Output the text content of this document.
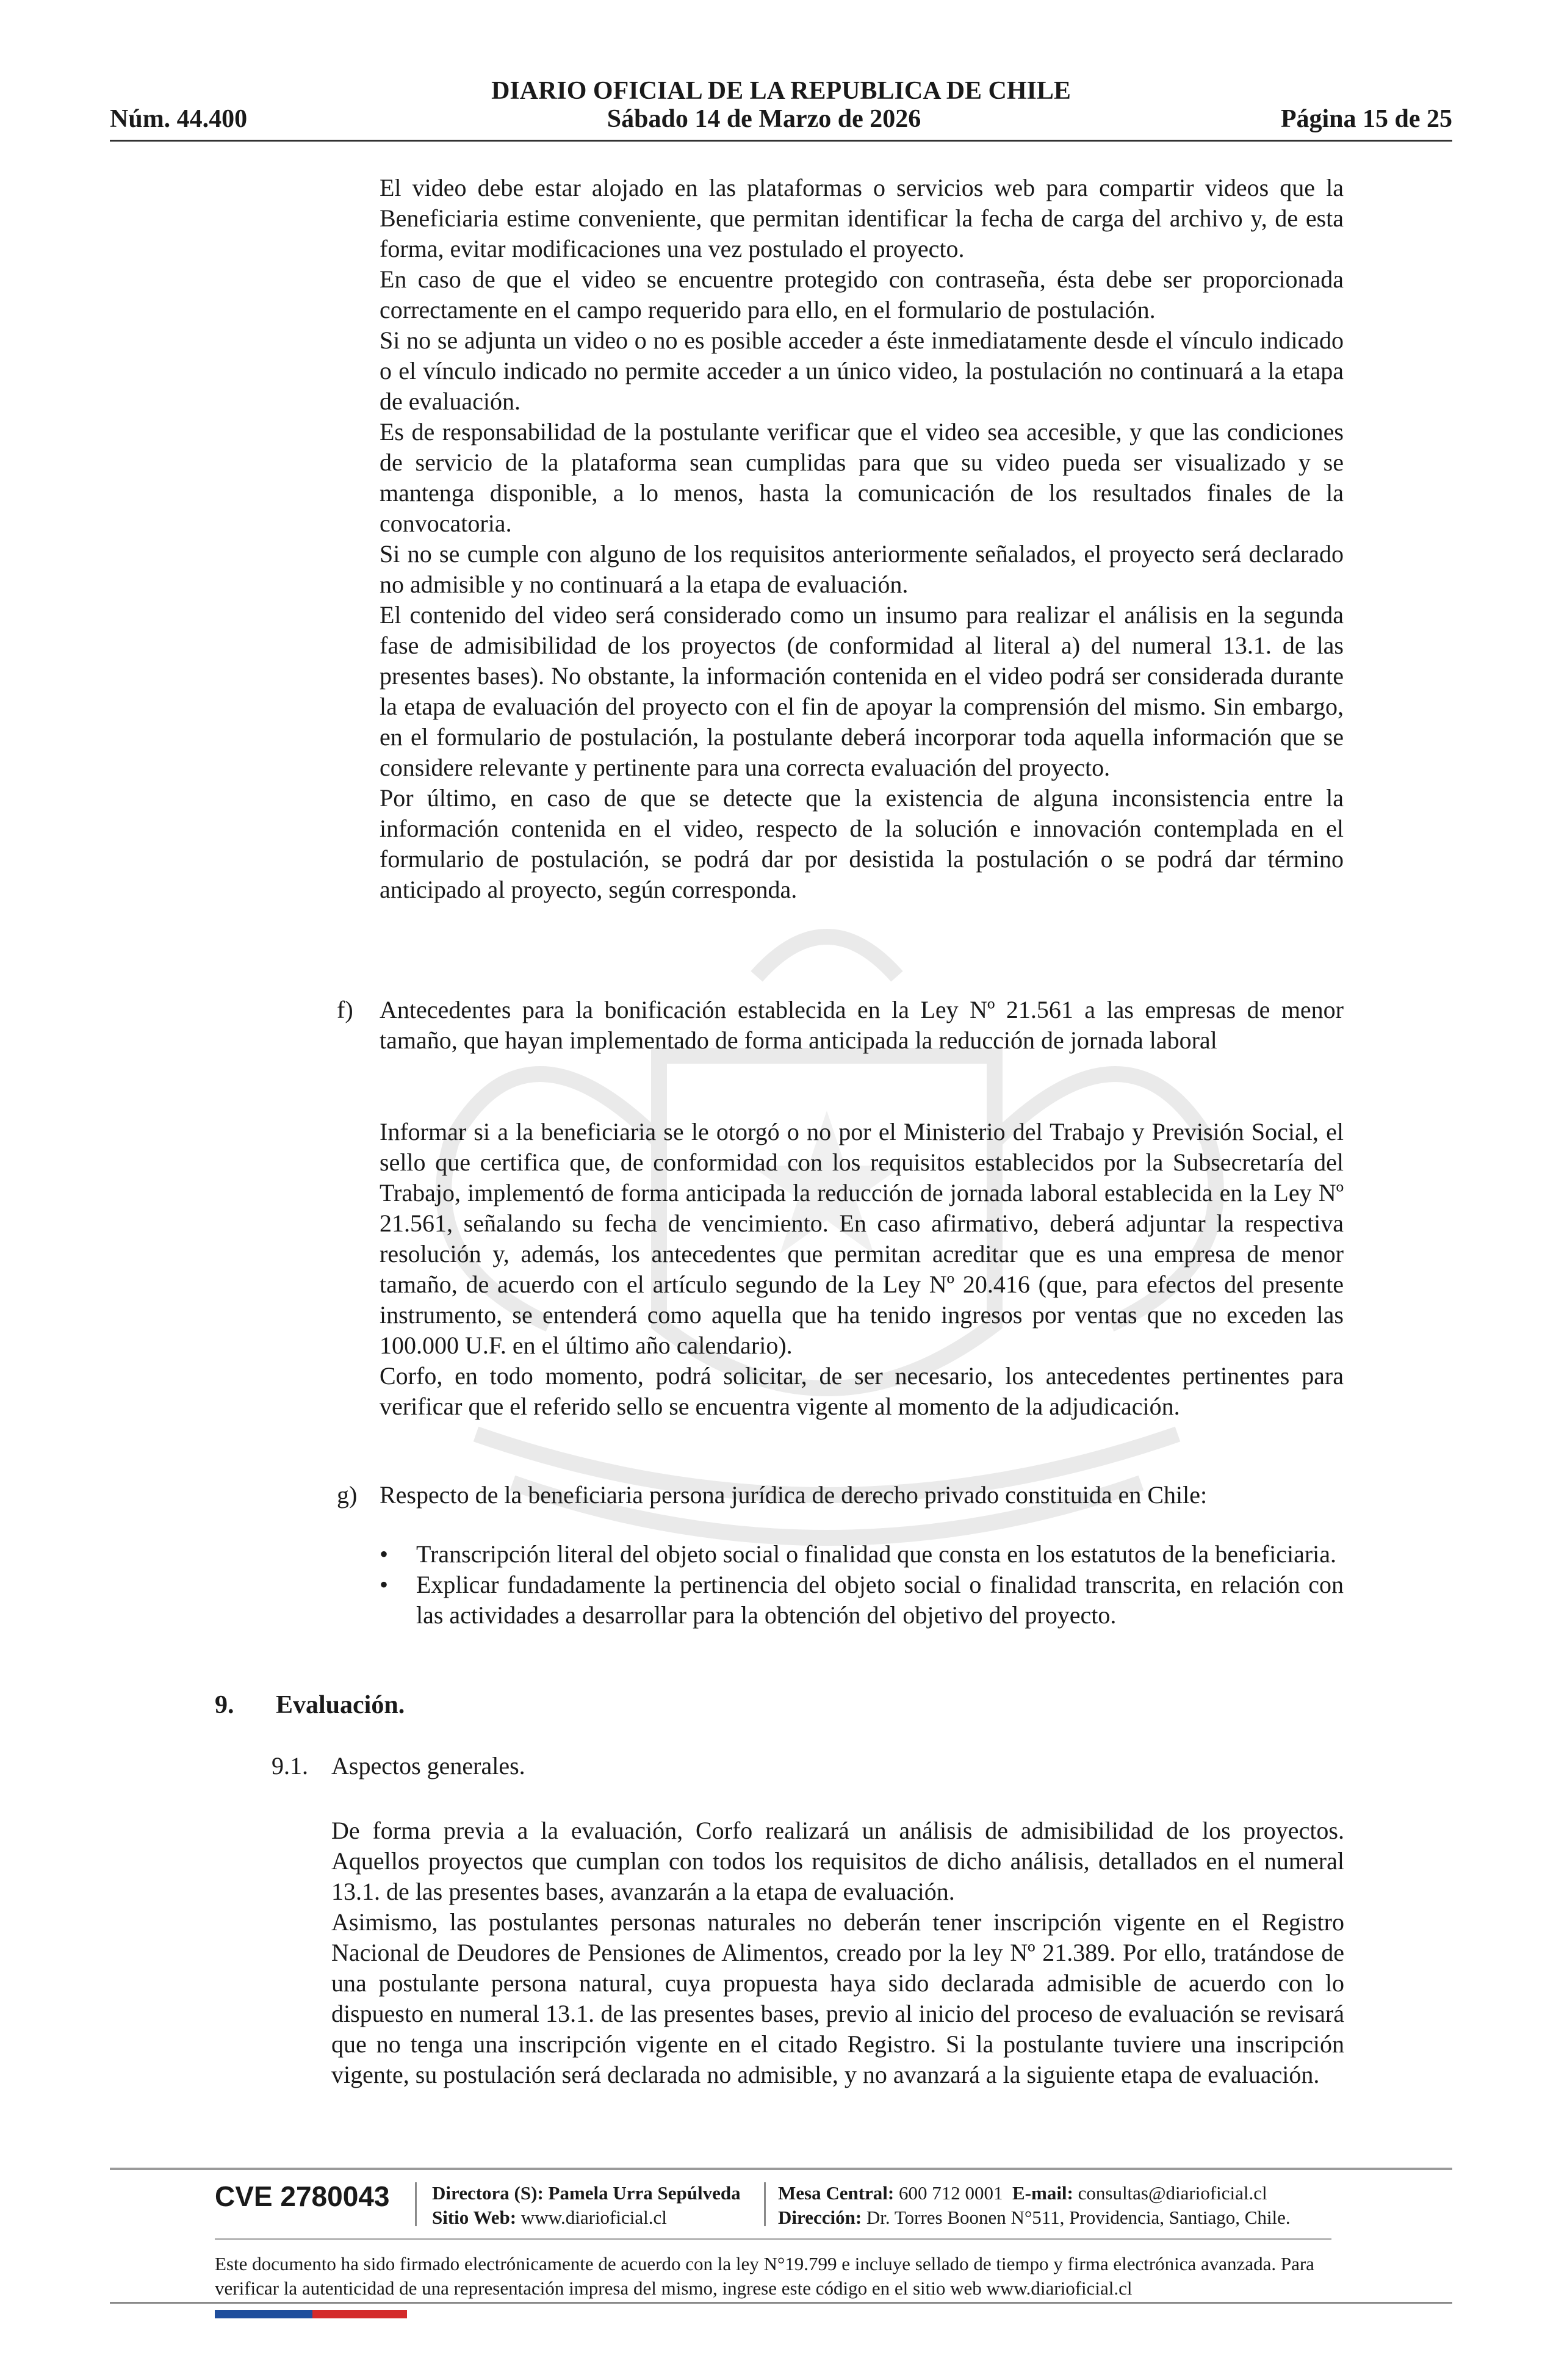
DIARIO OFICIAL DE LA REPUBLICA DE CHILE
Núm. 44.400	Sábado 14 de Marzo de 2026	Página 15 de 25

El video debe estar alojado en las plataformas o servicios web para compartir videos que la Beneficiaria estime conveniente, que permitan identificar la fecha de carga del archivo y, de esta forma, evitar modificaciones una vez postulado el proyecto.

En caso de que el video se encuentre protegido con contraseña, ésta debe ser proporcionada correctamente en el campo requerido para ello, en el formulario de postulación.

Si no se adjunta un video o no es posible acceder a éste inmediatamente desde el vínculo indicado o el vínculo indicado no permite acceder a un único video, la postulación no continuará a la etapa de evaluación.

Es de responsabilidad de la postulante verificar que el video sea accesible, y que las condiciones de servicio de la plataforma sean cumplidas para que su video pueda ser visualizado y se mantenga disponible, a lo menos, hasta la comunicación de los resultados finales de la convocatoria.

Si no se cumple con alguno de los requisitos anteriormente señalados, el proyecto será declarado no admisible y no continuará a la etapa de evaluación.

El contenido del video será considerado como un insumo para realizar el análisis en la segunda fase de admisibilidad de los proyectos (de conformidad al literal a) del numeral 13.1. de las presentes bases). No obstante, la información contenida en el video podrá ser considerada durante la etapa de evaluación del proyecto con el fin de apoyar la comprensión del mismo. Sin embargo, en el formulario de postulación, la postulante deberá incorporar toda aquella información que se considere relevante y pertinente para una correcta evaluación del proyecto.

Por último, en caso de que se detecte que la existencia de alguna inconsistencia entre la información contenida en el video, respecto de la solución e innovación contemplada en el formulario de postulación, se podrá dar por desistida la postulación o se podrá dar término anticipado al proyecto, según corresponda.

f) Antecedentes para la bonificación establecida en la Ley Nº 21.561 a las empresas de menor tamaño, que hayan implementado de forma anticipada la reducción de jornada laboral

Informar si a la beneficiaria se le otorgó o no por el Ministerio del Trabajo y Previsión Social, el sello que certifica que, de conformidad con los requisitos establecidos por la Subsecretaría del Trabajo, implementó de forma anticipada la reducción de jornada laboral establecida en la Ley Nº 21.561, señalando su fecha de vencimiento. En caso afirmativo, deberá adjuntar la respectiva resolución y, además, los antecedentes que permitan acreditar que es una empresa de menor tamaño, de acuerdo con el artículo segundo de la Ley Nº 20.416 (que, para efectos del presente instrumento, se entenderá como aquella que ha tenido ingresos por ventas que no exceden las 100.000 U.F. en el último año calendario).

Corfo, en todo momento, podrá solicitar, de ser necesario, los antecedentes pertinentes para verificar que el referido sello se encuentra vigente al momento de la adjudicación.

g) Respecto de la beneficiaria persona jurídica de derecho privado constituida en Chile:

• Transcripción literal del objeto social o finalidad que consta en los estatutos de la beneficiaria.
• Explicar fundadamente la pertinencia del objeto social o finalidad transcrita, en relación con las actividades a desarrollar para la obtención del objetivo del proyecto.
9. Evaluación.
9.1. Aspectos generales.

De forma previa a la evaluación, Corfo realizará un análisis de admisibilidad de los proyectos. Aquellos proyectos que cumplan con todos los requisitos de dicho análisis, detallados en el numeral 13.1. de las presentes bases, avanzarán a la etapa de evaluación.

Asimismo, las postulantes personas naturales no deberán tener inscripción vigente en el Registro Nacional de Deudores de Pensiones de Alimentos, creado por la ley Nº 21.389. Por ello, tratándose de una postulante persona natural, cuya propuesta haya sido declarada admisible de acuerdo con lo dispuesto en numeral 13.1. de las presentes bases, previo al inicio del proceso de evaluación se revisará que no tenga una inscripción vigente en el citado Registro. Si la postulante tuviere una inscripción vigente, su postulación será declarada no admisible, y no avanzará a la siguiente etapa de evaluación.

CVE 2780043 Directora (S): Pamela Urra Sepúlveda
Sitio Web: www.diarioficial.cl
Mesa Central: 600 712 0001 E-mail: consultas@diarioficial.cl
Dirección: Dr. Torres Boonen N°511, Providencia, Santiago, Chile.
Este documento ha sido firmado electrónicamente de acuerdo con la ley N°19.799 e incluye sellado de tiempo y firma electrónica avanzada. Para verificar la autenticidad de una representación impresa del mismo, ingrese este código en el sitio web www.diarioficial.cl
